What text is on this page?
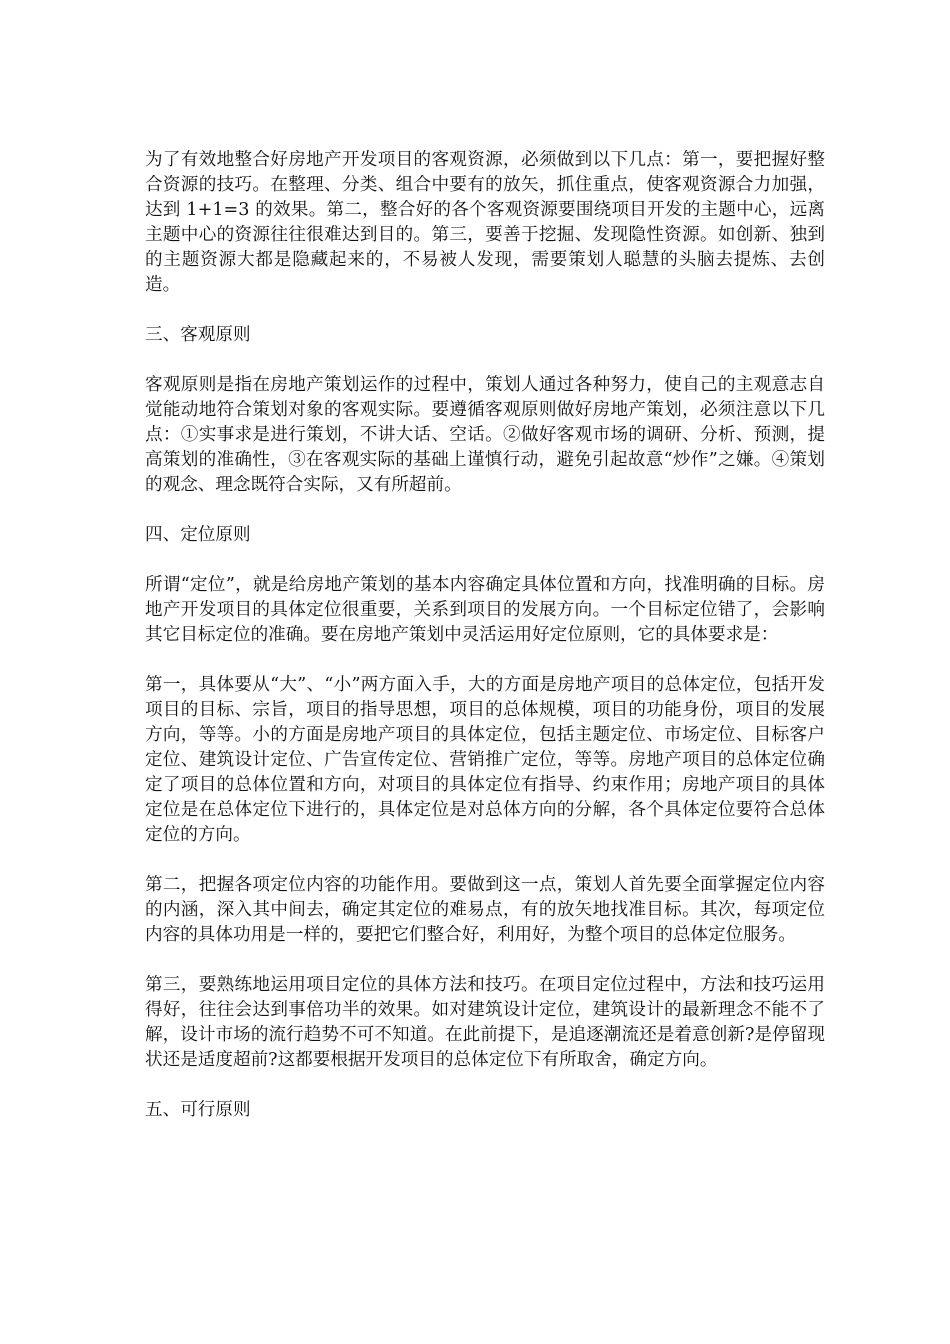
为了有效地整合好房地产开发项目的客观资源，必须做到以下几点：第一，要把握好整合资源的技巧。在整理、分类、组合中要有的放矢，抓住重点，使客观资源合力加强，达到 1+1=3 的效果。第二，整合好的各个客观资源要围绕项目开发的主题中心，远离主题中心的资源往往很难达到目的。第三，要善于挖掘、发现隐性资源。如创新、独到的主题资源大都是隐藏起来的，不易被人发现，需要策划人聪慧的头脑去提炼、去创造。

三、客观原则

客观原则是指在房地产策划运作的过程中，策划人通过各种努力，使自己的主观意志自觉能动地符合策划对象的客观实际。要遵循客观原则做好房地产策划，必须注意以下几点：①实事求是进行策划，不讲大话、空话。②做好客观市场的调研、分析、预测，提高策划的准确性，③在客观实际的基础上谨慎行动，避免引起故意“炒作”之嫌。④策划的观念、理念既符合实际，又有所超前。

四、定位原则

所谓“定位”，就是给房地产策划的基本内容确定具体位置和方向，找准明确的目标。房地产开发项目的具体定位很重要，关系到项目的发展方向。一个目标定位错了，会影响其它目标定位的准确。要在房地产策划中灵活运用好定位原则，它的具体要求是：

第一，具体要从“大”、“小”两方面入手，大的方面是房地产项目的总体定位，包括开发项目的目标、宗旨，项目的指导思想，项目的总体规模，项目的功能身份，项目的发展方向，等等。小的方面是房地产项目的具体定位，包括主题定位、市场定位、目标客户定位、建筑设计定位、广告宣传定位、营销推广定位，等等。房地产项目的总体定位确定了项目的总体位置和方向，对项目的具体定位有指导、约束作用；房地产项目的具体定位是在总体定位下进行的，具体定位是对总体方向的分解，各个具体定位要符合总体定位的方向。

第二，把握各项定位内容的功能作用。要做到这一点，策划人首先要全面掌握定位内容的内涵，深入其中间去，确定其定位的难易点，有的放矢地找准目标。其次，每项定位内容的具体功用是一样的，要把它们整合好，利用好，为整个项目的总体定位服务。

第三，要熟练地运用项目定位的具体方法和技巧。在项目定位过程中，方法和技巧运用得好，往往会达到事倍功半的效果。如对建筑设计定位，建筑设计的最新理念不能不了解，设计市场的流行趋势不可不知道。在此前提下，是追逐潮流还是着意创新?是停留现状还是适度超前?这都要根据开发项目的总体定位下有所取舍，确定方向。

五、可行原则
